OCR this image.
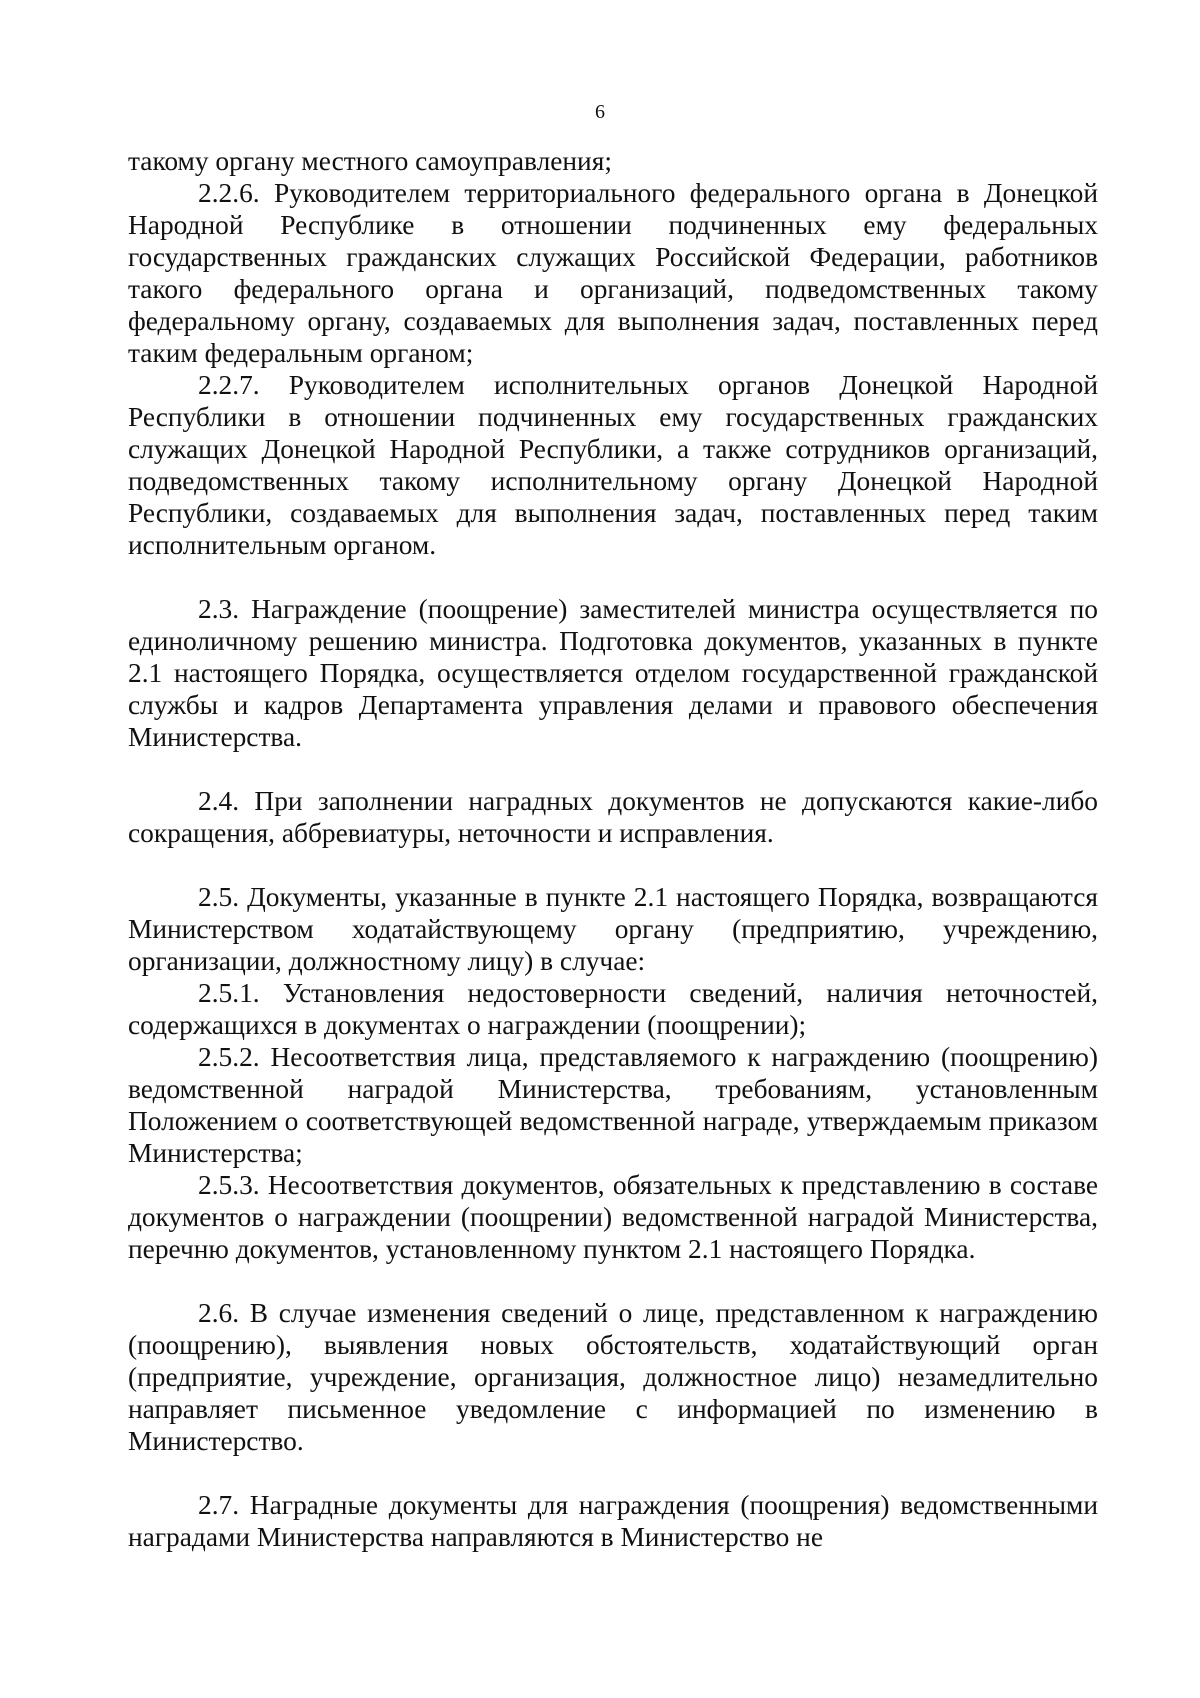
6

такому органу местного самоуправления;

2.2.6. Руководителем территориального федерального органа в Донецкой Народной Республике в отношении подчиненных ему федеральных государственных гражданских служащих Российской Федерации, работников такого федерального органа и организаций, подведомственных такому федеральному органу, создаваемых для выполнения задач, поставленных перед таким федеральным органом;

2.2.7. Руководителем исполнительных органов Донецкой Народной Республики в отношении подчиненных ему государственных гражданских служащих Донецкой Народной Республики, а также сотрудников организаций, подведомственных такому исполнительному органу Донецкой Народной Республики, создаваемых для выполнения задач, поставленных перед таким исполнительным органом.

2.3. Награждение (поощрение) заместителей министра осуществляется по единоличному решению министра. Подготовка документов, указанных в пункте 2.1 настоящего Порядка, осуществляется отделом государственной гражданской службы и кадров Департамента управления делами и правового обеспечения Министерства.

2.4. При заполнении наградных документов не допускаются какие-либо сокращения, аббревиатуры, неточности и исправления.

2.5. Документы, указанные в пункте 2.1 настоящего Порядка, возвращаются Министерством ходатайствующему органу (предприятию, учреждению, организации, должностному лицу) в случае:

2.5.1. Установления недостоверности сведений, наличия неточностей, содержащихся в документах о награждении (поощрении);

2.5.2. Несоответствия лица, представляемого к награждению (поощрению) ведомственной наградой Министерства, требованиям, установленным Положением о соответствующей ведомственной награде, утверждаемым приказом Министерства;

2.5.3. Несоответствия документов, обязательных к представлению в составе документов о награждении (поощрении) ведомственной наградой Министерства, перечню документов, установленному пунктом 2.1 настоящего Порядка.

2.6. В случае изменения сведений о лице, представленном к награждению (поощрению), выявления новых обстоятельств, ходатайствующий орган (предприятие, учреждение, организация, должностное лицо) незамедлительно направляет письменное уведомление с информацией по изменению в Министерство.

2.7. Наградные документы для награждения (поощрения) ведомственными наградами Министерства направляются в Министерство не
